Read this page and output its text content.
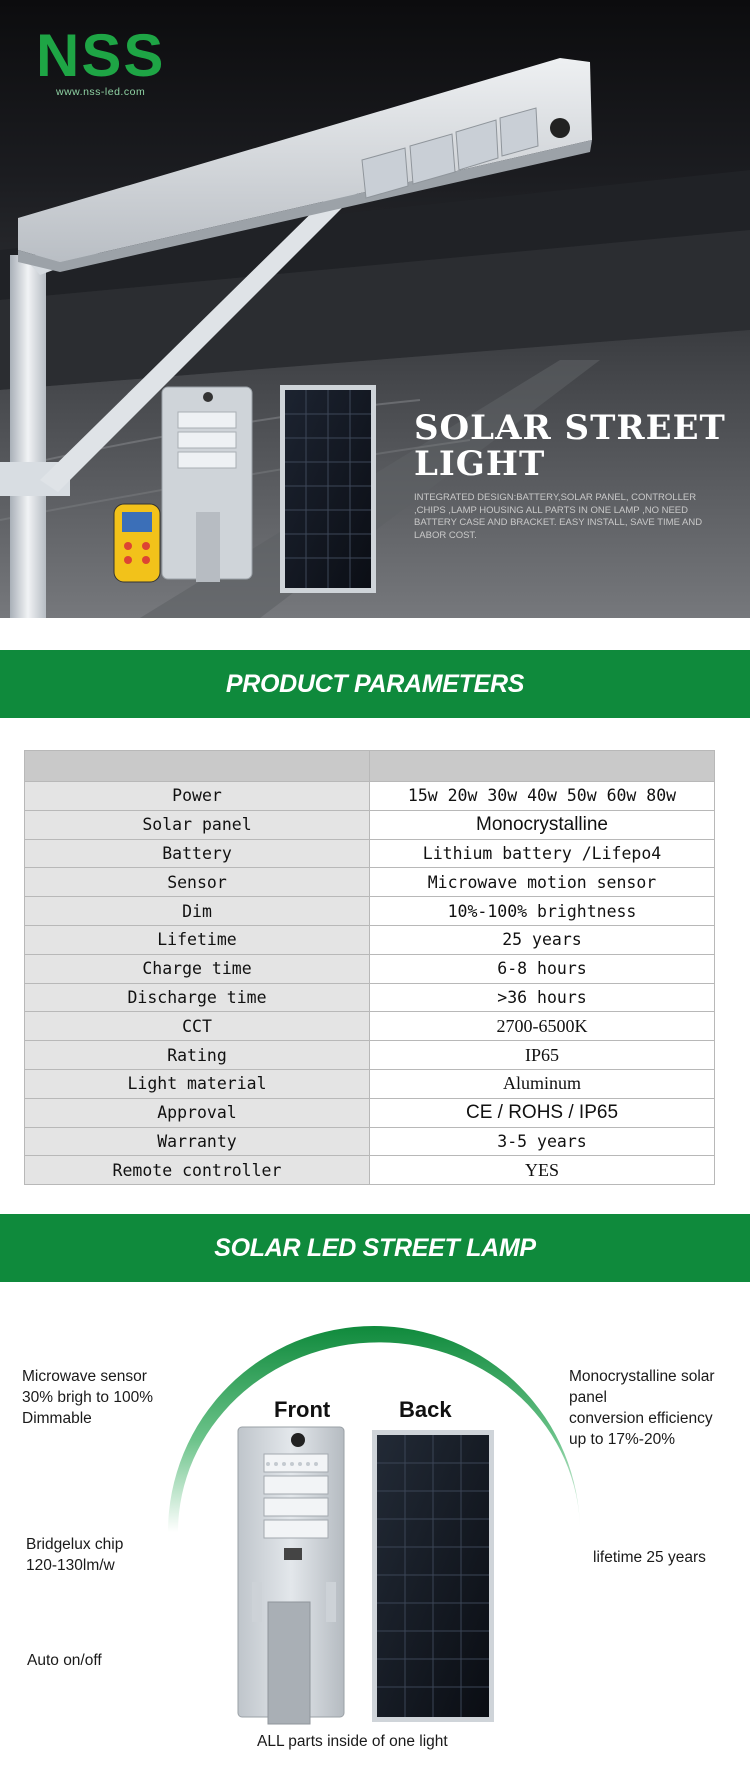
NSS
www.nss-led.com
SOLAR STREET
LIGHT
INTEGRATED DESIGN:BATTERY,SOLAR PANEL, CONTROLLER ,CHIPS ,LAMP HOUSING ALL PARTS IN ONE LAMP ,NO NEED BATTERY CASE AND BRACKET. EASY INSTALL, SAVE TIME AND LABOR COST.
PRODUCT PARAMETERS

Power	15w 20w 30w 40w 50w 60w 80w
Solar panel	Monocrystalline
Battery	Lithium battery /Lifepo4
Sensor	Microwave motion sensor
Dim	10%-100% brightness
Lifetime	25 years
Charge time	6-8 hours
Discharge time	>36 hours
CCT	2700-6500K
Rating	IP65
Light material	Aluminum
Approval	CE / ROHS / IP65
Warranty	3-5 years
Remote controller	YES
SOLAR LED STREET LAMP
Front	Back
Microwave sensor
30% brigh to 100%
Dimmable
Bridgelux chip
120-130lm/w
Auto on/off
Monocrystalline solar
panel
conversion efficiency
up to 17%-20%
lifetime 25 years
ALL parts inside of one light
